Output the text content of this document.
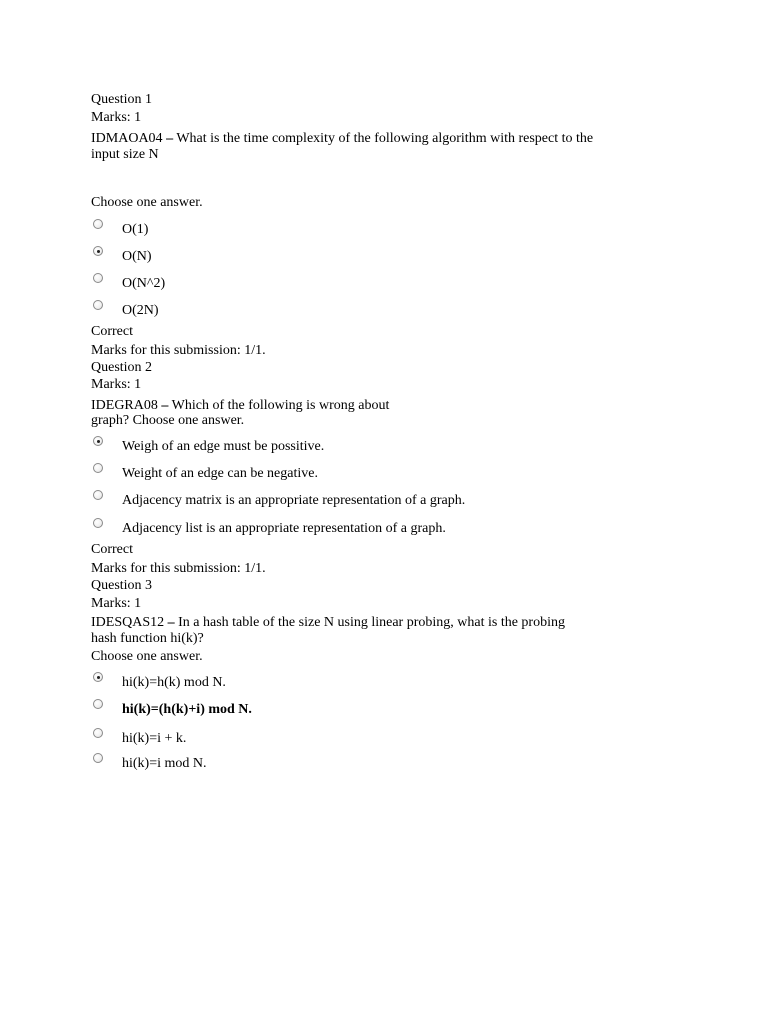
Question 1
Marks: 1
IDMAOA04 – What is the time complexity of the following algorithm with respect to the
input size N
Choose one answer.
O(1)
O(N)
O(N^2)
O(2N)
Correct
Marks for this submission: 1/1.
Question 2
Marks: 1
IDEGRA08 – Which of the following is wrong about
graph? Choose one answer.
Weigh of an edge must be possitive.
Weight of an edge can be negative.
Adjacency matrix is an appropriate representation of a graph.
Adjacency list is an appropriate representation of a graph.
Correct
Marks for this submission: 1/1.
Question 3
Marks: 1
IDESQAS12 – In a hash table of the size N using linear probing, what is the probing
hash function hi(k)?
Choose one answer.
hi(k)=h(k) mod N.
hi(k)=(h(k)+i) mod N.
hi(k)=i + k.
hi(k)=i mod N.
